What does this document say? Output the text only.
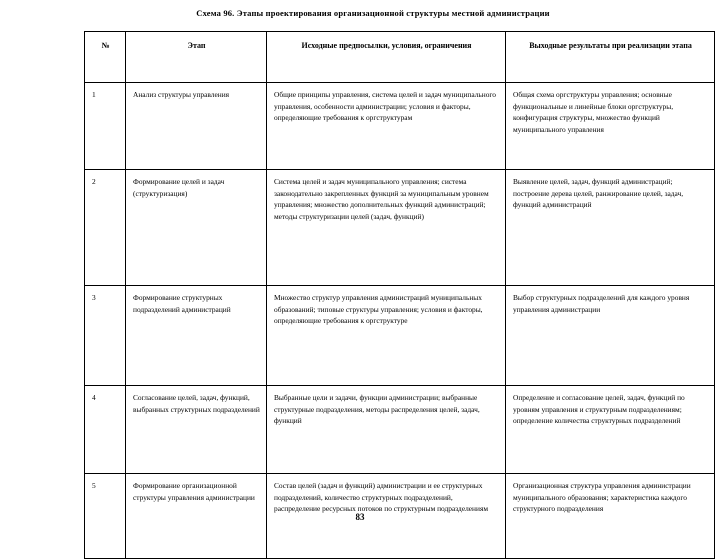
Схема 96. Этапы проектирования организационной структуры местной администрации
№	Этап	Исходные предпосылки, условия, ограничения	Выходные результаты при реализации этапа
1	Анализ структуры управления	Общие принципы управления, система целей и задач муниципального управления, особенности администрации; условия и факторы, определяющие требования к оргструктурам	Общая схема оргструктуры управления; основные функциональные и линейные блоки оргструктуры, конфигурация структуры, множество функций муниципального управления
2	Формирование целей и задач (структуризация)	Система целей и задач муниципального управления; система законодательно закрепленных функций за муниципальным уровнем управления; множество дополнительных функций администраций; методы структуризации целей (задач, функций)	Выявление целей, задач, функций администраций; построение дерева целей, ранжирование целей, задач, функций администраций
3	Формирование структурных подразделений администраций	Множество структур управления администраций муниципальных образований; типовые структуры управления; условия и факторы, определяющие требования к оргструктуре	Выбор структурных подразделений для каждого уровня управления администрации
4	Согласование целей, задач, функций, выбранных структурных подразделений	Выбранные цели и задачи, функции администрации; выбранные структурные подразделения, методы распределения целей, задач, функций	Определение и согласование целей, задач, функций по уровням управления и структурным подразделениям; определение количества структурных подразделений
5	Формирование организационной структуры управления администрации	Состав целей (задач и функций) администрации и ее структурных подразделений, количество структурных подразделений, распределение ресурсных потоков по структурным подразделениям	Организационная структура управления администрации муниципального образования; характеристика каждого структурного подразделения
83
